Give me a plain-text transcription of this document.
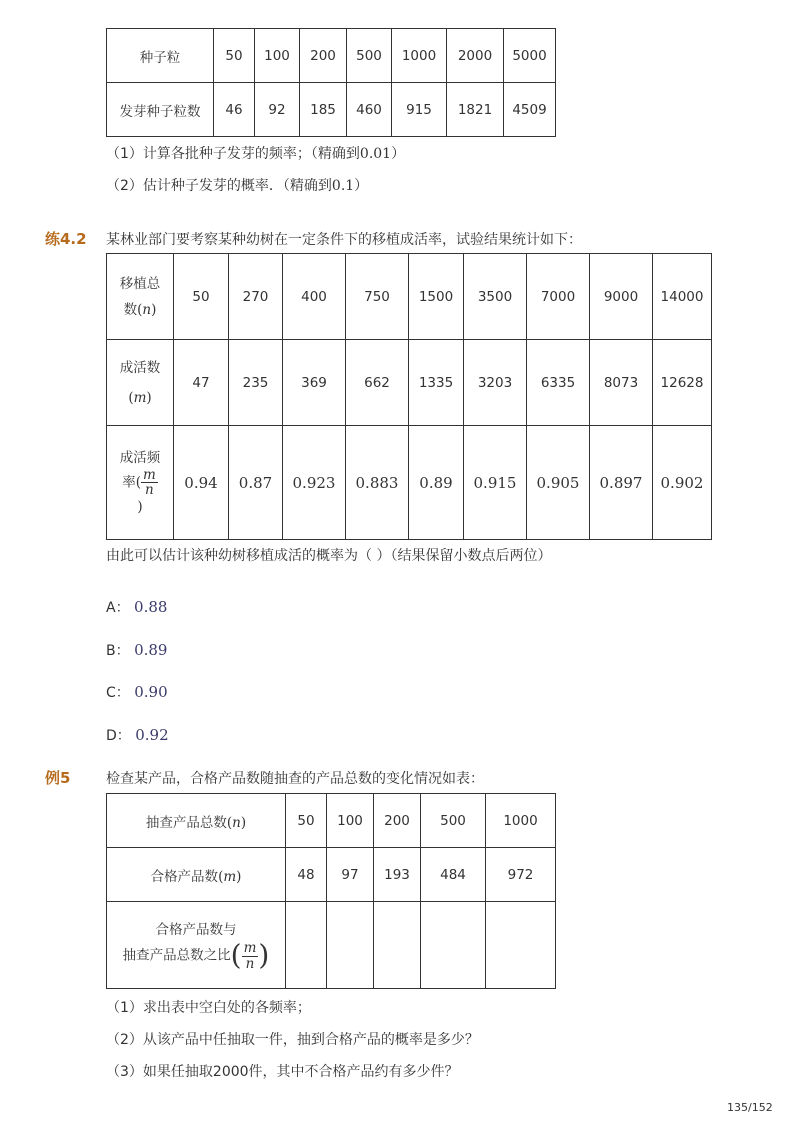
种子粒	50	100	200	500	1000	2000	5000
发芽种子粒数	46	92	185	460	915	1821	4509
（1）计算各批种子发芽的频率；（精确到0.01）
（2）估计种子发芽的概率．（精确到0.1）
练4.2 某林业部门要考察某种幼树在一定条件下的移植成活率，试验结果统计如下：
移植总
数(n)	50	270	400	750	1500	3500	7000	9000	14000
成活数
(m)	47	235	369	662	1335	3203	6335	8073	12628
成活频
率( $\frac{m}{n}$

)	0.94	0.87	0.923	0.883	0.89	0.915	0.905	0.897	0.902
由此可以估计该种幼树移植成活的概率为（ ）（结果保留小数点后两位）
A： 0.88
B： 0.89
C： 0.90
D： 0.92
例5	检查某产品，合格产品数随抽查的产品总数的变化情况如表：
抽查产品总数(n)	50	100	200	500	1000
合格产品数(m)	48	97	193	484	972
合格产品数与
抽查产品总数之比( $\frac{m}{n}$ )					
（1）求出表中空白处的各频率；
（2）从该产品中任抽取一件，抽到合格产品的概率是多少？
（3）如果任抽取2000件，其中不合格产品约有多少件？
135/152
